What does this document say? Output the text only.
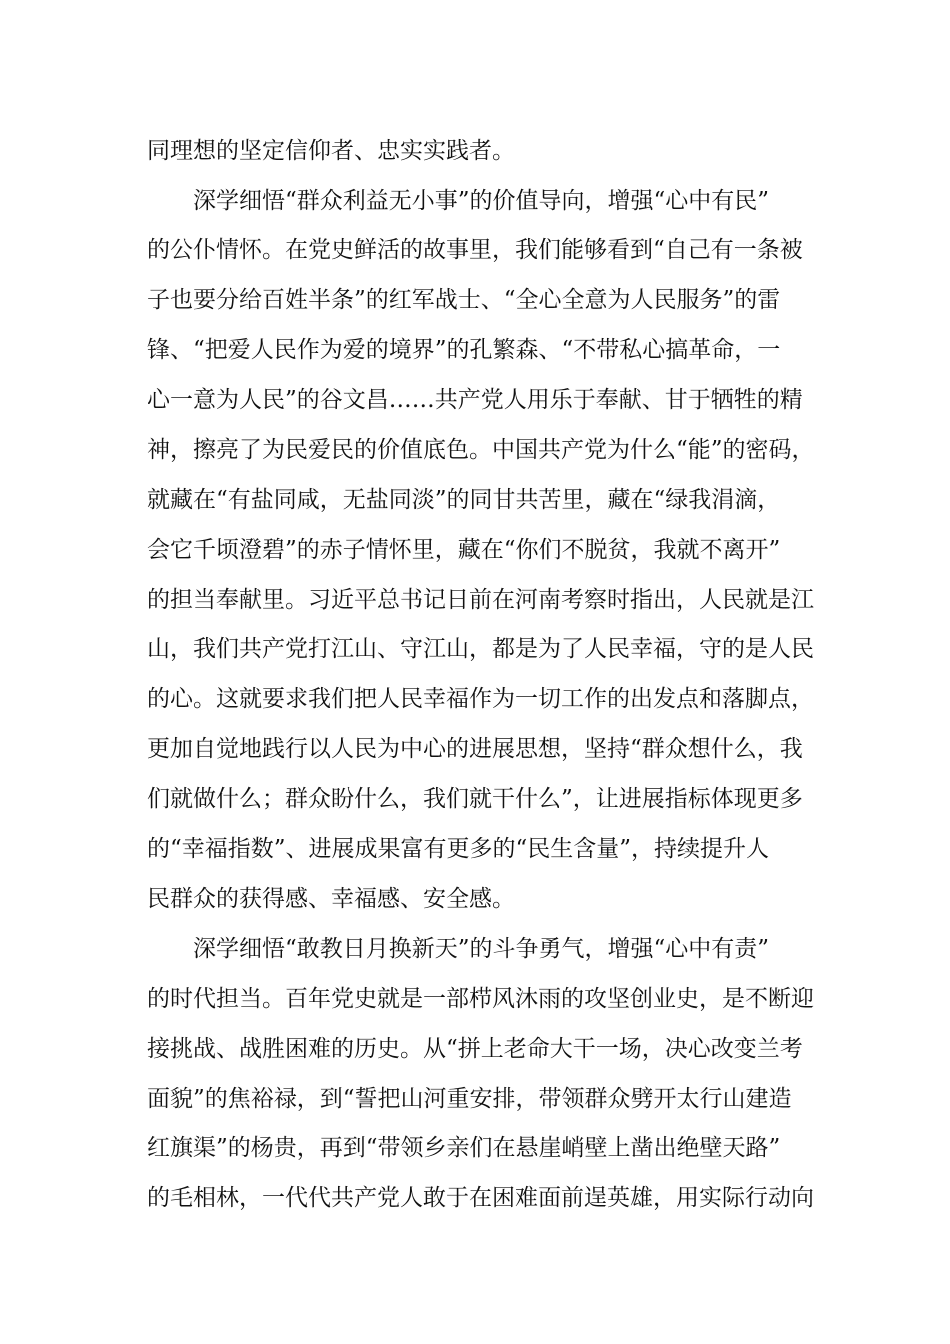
同理想的坚定信仰者、忠实实践者。
深学细悟“群众利益无小事”的价值导向，增强“心中有民”
的公仆情怀。在党史鲜活的故事里，我们能够看到“自己有一条被
子也要分给百姓半条”的红军战士、“全心全意为人民服务”的雷
锋、“把爱人民作为爱的境界”的孔繁森、“不带私心搞革命，一
心一意为人民”的谷文昌……共产党人用乐于奉献、甘于牺牲的精
神，擦亮了为民爱民的价值底色。中国共产党为什么“能”的密码，
就藏在“有盐同咸，无盐同淡”的同甘共苦里，藏在“绿我涓滴，
会它千顷澄碧”的赤子情怀里，藏在“你们不脱贫，我就不离开”
的担当奉献里。习近平总书记日前在河南考察时指出，人民就是江
山，我们共产党打江山、守江山，都是为了人民幸福，守的是人民
的心。这就要求我们把人民幸福作为一切工作的出发点和落脚点，
更加自觉地践行以人民为中心的进展思想，坚持“群众想什么，我
们就做什么；群众盼什么，我们就干什么”，让进展指标体现更多
的“幸福指数”、进展成果富有更多的“民生含量”，持续提升人
民群众的获得感、幸福感、安全感。
深学细悟“敢教日月换新天”的斗争勇气，增强“心中有责”
的时代担当。百年党史就是一部栉风沐雨的攻坚创业史，是不断迎
接挑战、战胜困难的历史。从“拼上老命大干一场，决心改变兰考
面貌”的焦裕禄，到“誓把山河重安排，带领群众劈开太行山建造
红旗渠”的杨贵，再到“带领乡亲们在悬崖峭壁上凿出绝壁天路”
的毛相林，一代代共产党人敢于在困难面前逞英雄，用实际行动向
